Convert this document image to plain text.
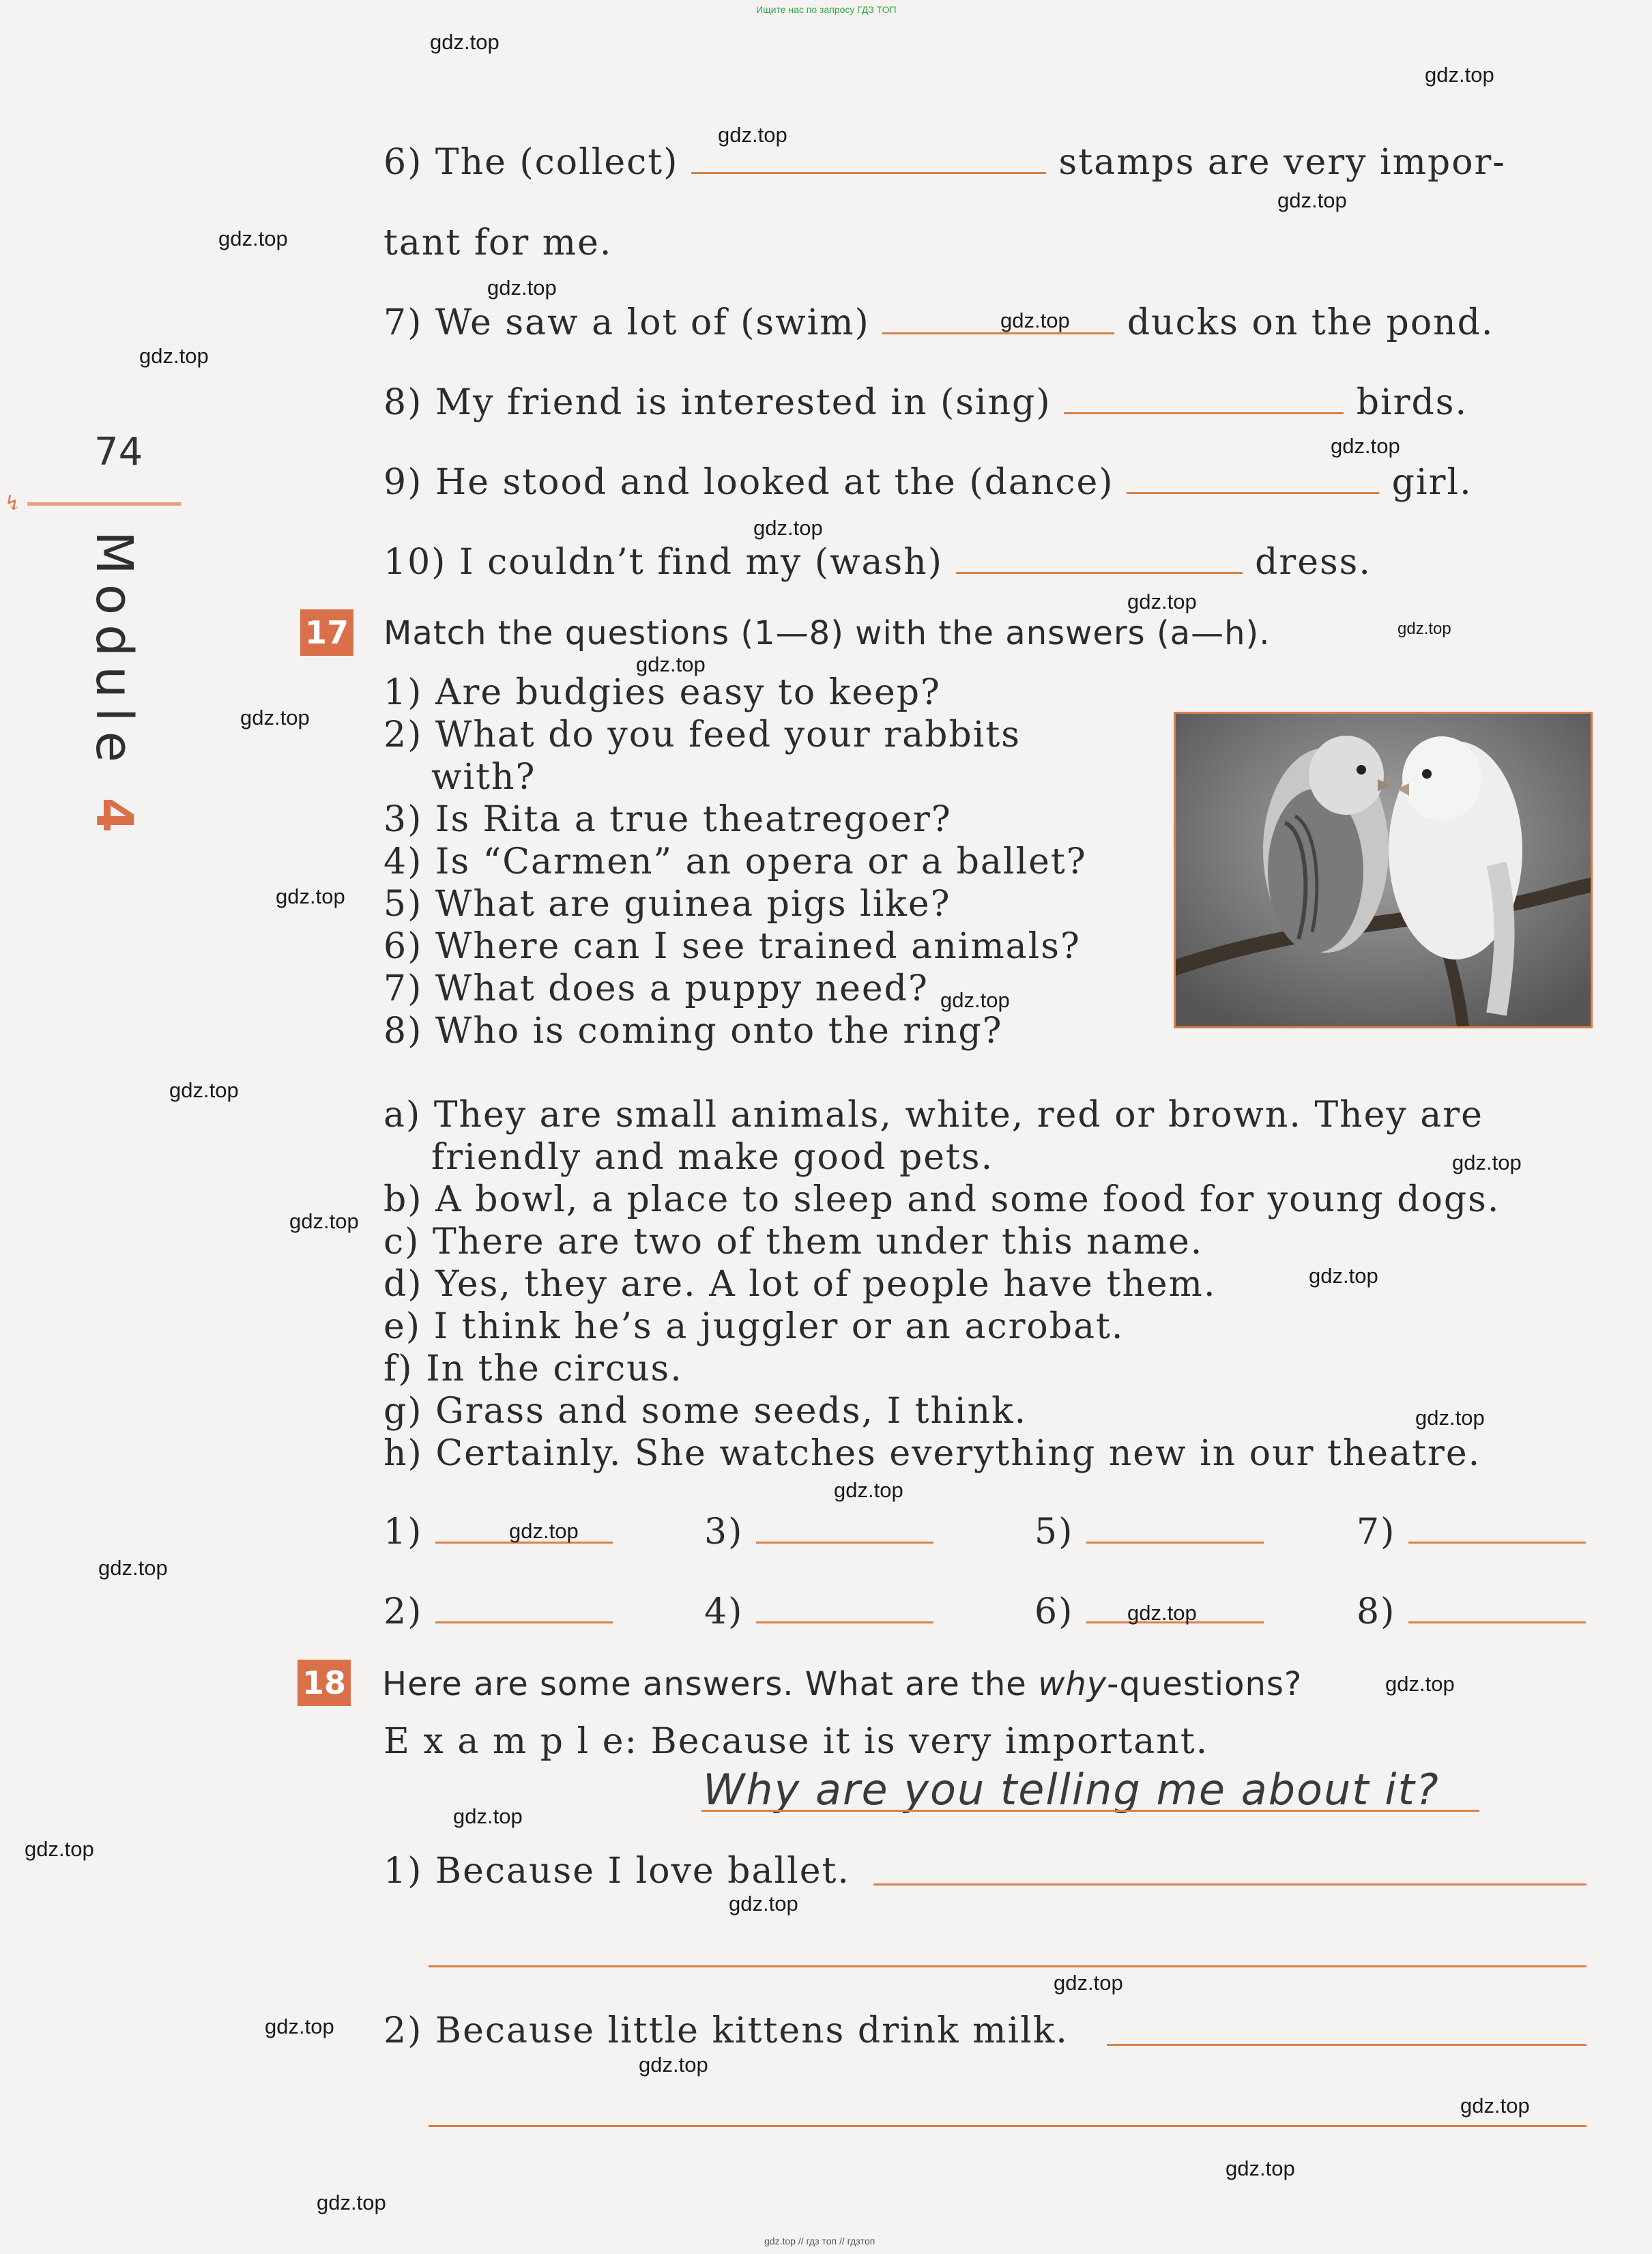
Ищите нас по запросу ГДЗ ТОП
gdz.top // гдз топ // гдзтоп
74
↯
Module 4
6) The (collect)	stamps are very impor-
tant for me.
7) We saw a lot of (swim)	ducks on the pond.
8) My friend is interested in (sing)	birds.
9) He stood and looked at the (dance)	girl.
10) I couldn’t find my (wash)	dress.
17 Match the questions (1—8) with the answers (a—h).
1) Are budgies easy to keep?
2) What do you feed your rabbits
with?
3) Is Rita a true theatregoer?
4) Is “Carmen” an opera or a ballet?
5) What are guinea pigs like?
6) Where can I see trained animals?
7) What does a puppy need?
8) Who is coming onto the ring?
a) They are small animals, white, red or brown. They are
friendly and make good pets.
b) A bowl, a place to sleep and some food for young dogs.
c) There are two of them under this name.
d) Yes, they are. A lot of people have them.
e) I think he’s a juggler or an acrobat.
f) In the circus.
g) Grass and some seeds, I think.
h) Certainly. She watches everything new in our theatre.
1)	3)	5)	7)
2)	4)	6)	8)
18 Here are some answers. What are the why-questions?
E x a m p l e: Because it is very important.
Why are you telling me about it?
1) Because I love ballet.
2) Because little kittens drink milk.
gdz.top
gdz.top
gdz.top
gdz.top
gdz.top
gdz.top
gdz.top
gdz.top
gdz.top
gdz.top
gdz.top
gdz.top
gdz.top
gdz.top
gdz.top
gdz.top
gdz.top
gdz.top
gdz.top
gdz.top
gdz.top
gdz.top
gdz.top
gdz.top
gdz.top
gdz.top
gdz.top
gdz.top
gdz.top
gdz.top
gdz.top
gdz.top
gdz.top
gdz.top
gdz.top
